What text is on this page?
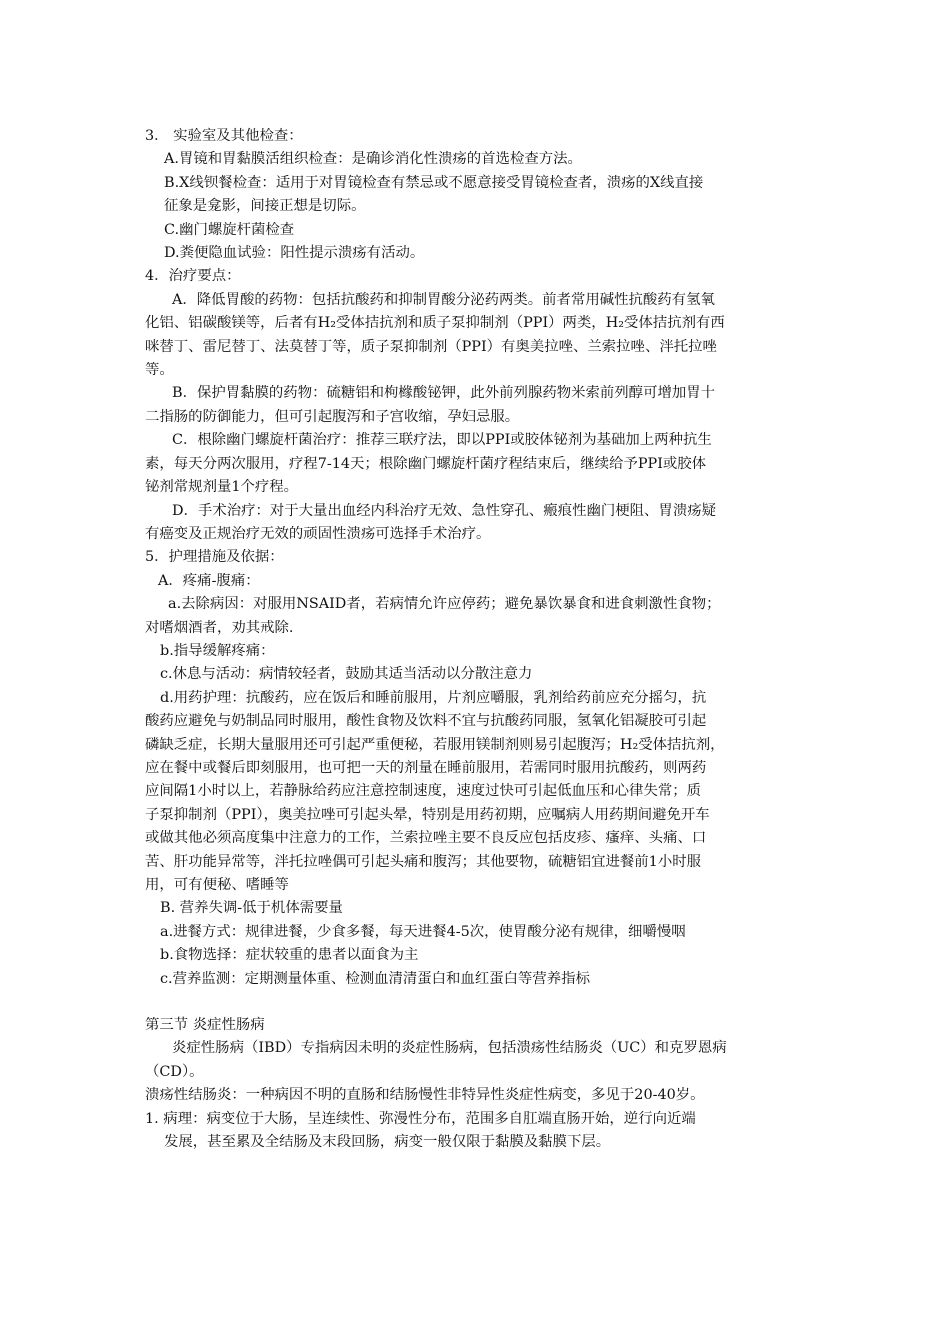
3． 实验室及其他检查：
A.胃镜和胃黏膜活组织检查：是确诊消化性溃疡的首选检查方法。
B.X线钡餐检查：适用于对胃镜检查有禁忌或不愿意接受胃镜检查者，溃疡的X线直接
征象是龛影，间接正想是切际。
C.幽门螺旋杆菌检查
D.粪便隐血试验：阳性提示溃疡有活动。
4．治疗要点：
A．降低胃酸的药物：包括抗酸药和抑制胃酸分泌药两类。前者常用碱性抗酸药有氢氧
化铝、铝碳酸镁等，后者有H₂受体拮抗剂和质子泵抑制剂（PPI）两类，H₂受体拮抗剂有西
咪替丁、雷尼替丁、法莫替丁等，质子泵抑制剂（PPI）有奥美拉唑、兰索拉唑、泮托拉唑
等。
B．保护胃黏膜的药物：硫糖铝和枸橼酸铋钾，此外前列腺药物米索前列醇可增加胃十
二指肠的防御能力，但可引起腹泻和子宫收缩，孕妇忌服。
C．根除幽门螺旋杆菌治疗：推荐三联疗法，即以PPI或胶体铋剂为基础加上两种抗生
素，每天分两次服用，疗程7-14天；根除幽门螺旋杆菌疗程结束后，继续给予PPI或胶体
铋剂常规剂量1个疗程。
D．手术治疗：对于大量出血经内科治疗无效、急性穿孔、瘢痕性幽门梗阻、胃溃疡疑
有癌变及正规治疗无效的顽固性溃疡可选择手术治疗。
5．护理措施及依据：
A．疼痛-腹痛：
a.去除病因：对服用NSAID者，若病情允许应停药；避免暴饮暴食和进食刺激性食物；
对嗜烟酒者，劝其戒除.
b.指导缓解疼痛：
c.休息与活动：病情较轻者，鼓励其适当活动以分散注意力
d.用药护理：抗酸药，应在饭后和睡前服用，片剂应嚼服，乳剂给药前应充分摇匀，抗
酸药应避免与奶制品同时服用，酸性食物及饮料不宜与抗酸药同服，氢氧化铝凝胶可引起
磷缺乏症，长期大量服用还可引起严重便秘，若服用镁制剂则易引起腹泻；H₂受体拮抗剂，
应在餐中或餐后即刻服用，也可把一天的剂量在睡前服用，若需同时服用抗酸药，则两药
应间隔1小时以上，若静脉给药应注意控制速度，速度过快可引起低血压和心律失常；质
子泵抑制剂（PPI），奥美拉唑可引起头晕，特别是用药初期，应嘱病人用药期间避免开车
或做其他必须高度集中注意力的工作，兰索拉唑主要不良反应包括皮疹、瘙痒、头痛、口
苦、肝功能异常等，泮托拉唑偶可引起头痛和腹泻；其他要物，硫糖铝宜进餐前1小时服
用，可有便秘、嗜睡等
B. 营养失调-低于机体需要量
a.进餐方式：规律进餐，少食多餐，每天进餐4-5次，使胃酸分泌有规律，细嚼慢咽
b.食物选择：症状较重的患者以面食为主
c.营养监测：定期测量体重、检测血清清蛋白和血红蛋白等营养指标
第三节 炎症性肠病
炎症性肠病（IBD）专指病因未明的炎症性肠病，包括溃疡性结肠炎（UC）和克罗恩病
（CD）。
溃疡性结肠炎：一种病因不明的直肠和结肠慢性非特异性炎症性病变，多见于20-40岁。
1. 病理：病变位于大肠，呈连续性、弥漫性分布，范围多自肛端直肠开始，逆行向近端
发展，甚至累及全结肠及末段回肠，病变一般仅限于黏膜及黏膜下层。
